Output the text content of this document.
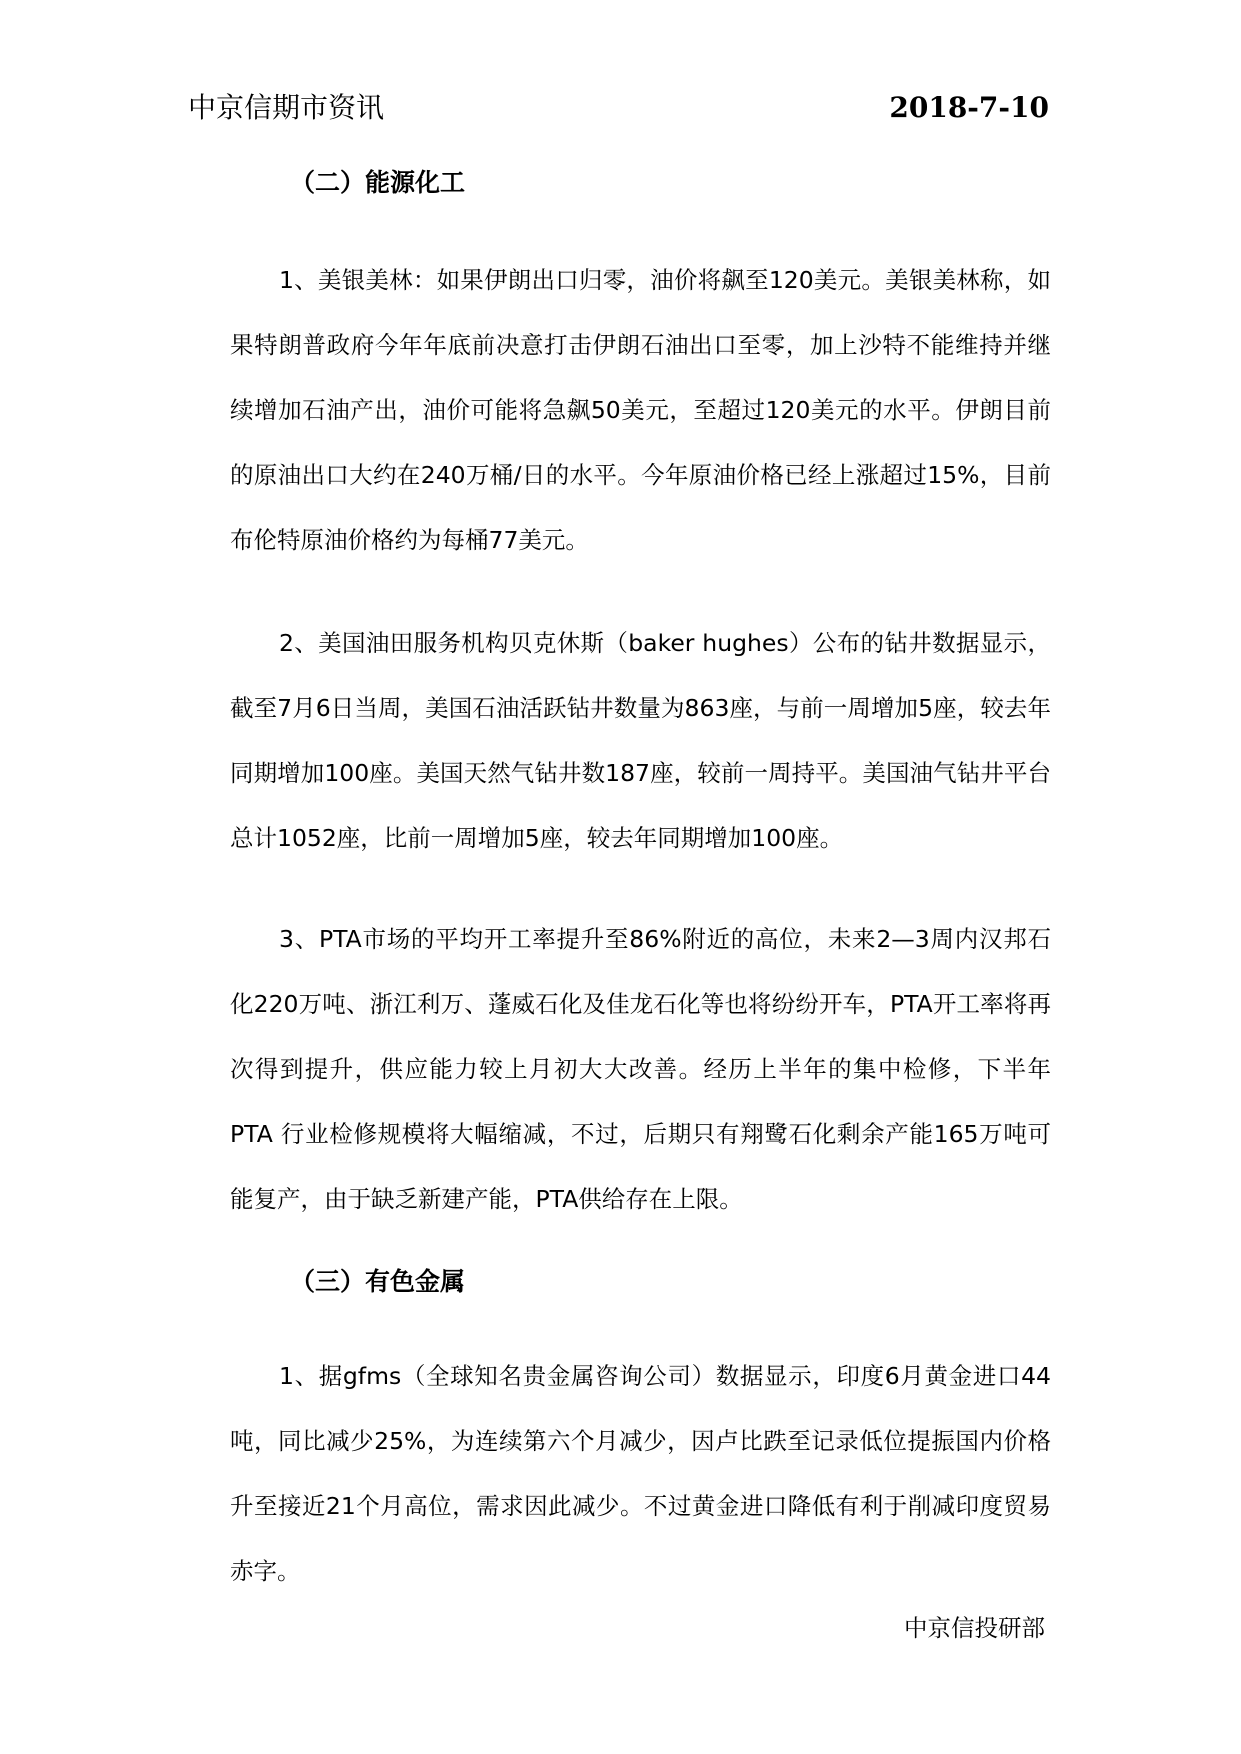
中京信期市资讯	2018-7-10
（二）能源化工

1、美银美林：如果伊朗出口归零，油价将飙至120美元。美银美林称，如果特朗普政府今年年底前决意打击伊朗石油出口至零，加上沙特不能维持并继续增加石油产出，油价可能将急飙50美元，至超过120美元的水平。伊朗目前的原油出口大约在240万桶/日的水平。今年原油价格已经上涨超过15%，目前布伦特原油价格约为每桶77美元。

2、美国油田服务机构贝克休斯（baker hughes）公布的钻井数据显示，截至7月6日当周，美国石油活跃钻井数量为863座，与前一周增加5座，较去年同期增加100座。美国天然气钻井数187座，较前一周持平。美国油气钻井平台总计1052座，比前一周增加5座，较去年同期增加100座。

3、PTA市场的平均开工率提升至86%附近的高位，未来2—3周内汉邦石化220万吨、浙江利万、蓬威石化及佳龙石化等也将纷纷开车，PTA开工率将再次得到提升，供应能力较上月初大大改善。经历上半年的集中检修，下半年 PTA 行业检修规模将大幅缩减，不过，后期只有翔鹭石化剩余产能165万吨可能复产，由于缺乏新建产能，PTA供给存在上限。

（三）有色金属

1、据gfms（全球知名贵金属咨询公司）数据显示，印度6月黄金进口44吨，同比减少25%，为连续第六个月减少，因卢比跌至记录低位提振国内价格升至接近21个月高位，需求因此减少。不过黄金进口降低有利于削减印度贸易赤字。

中京信投研部
